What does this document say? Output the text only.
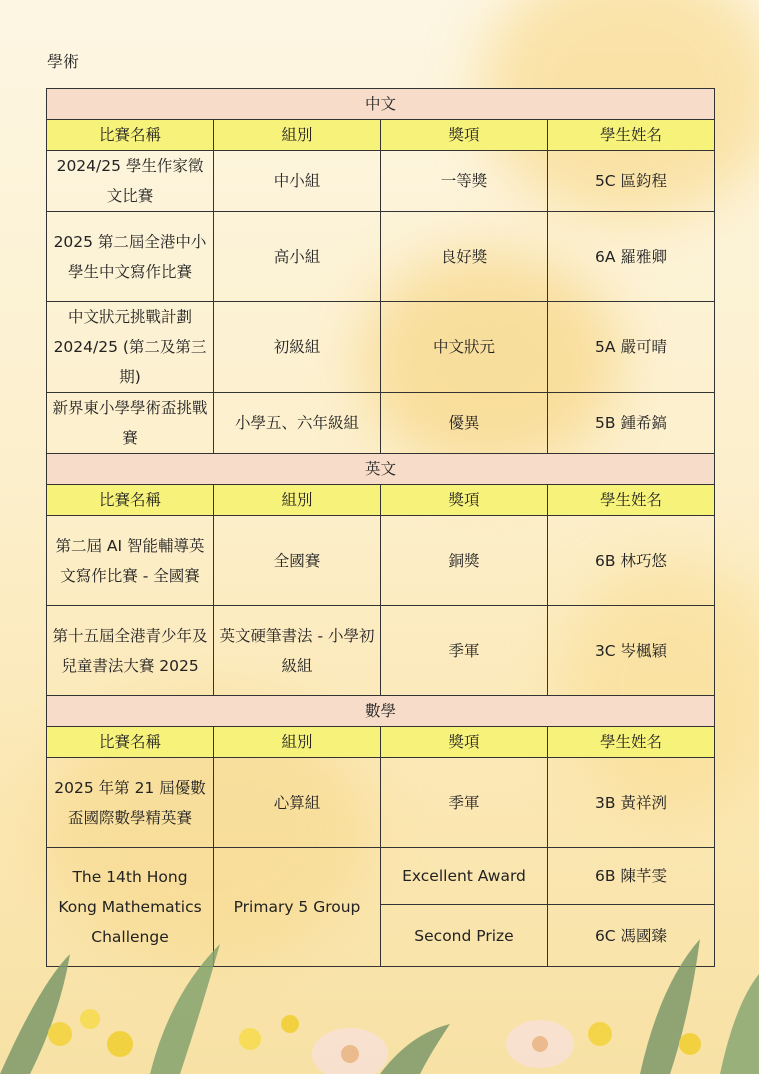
學術
中文			
比賽名稱	組別	獎項	學生姓名
2024/25 學生作家徵文比賽	中小組	一等獎	5C 區鈞程
2025 第二屆全港中小學生中文寫作比賽	高小組	良好獎	6A 羅雅卿
中文狀元挑戰計劃 2024/25 (第二及第三期)	初級組	中文狀元	5A 嚴可晴
新界東小學學術盃挑戰賽	小學五、六年級組	優異	5B 鍾希鎬
英文			
比賽名稱	組別	獎項	學生姓名
第二屆 AI 智能輔導英文寫作比賽 - 全國賽	全國賽	銅獎	6B 林巧悠
第十五屆全港青少年及兒童書法大賽 2025	英文硬筆書法 - 小學初級組	季軍	3C 岑楓穎
數學			
比賽名稱	組別	獎項	學生姓名
2025 年第 21 屆優數盃國際數學精英賽	心算組	季軍	3B 黃祥洌
The 14th Hong Kong Mathematics Challenge	Primary 5 Group	Excellent Award	6B 陳芊雯
		Second Prize	6C 馮國臻
